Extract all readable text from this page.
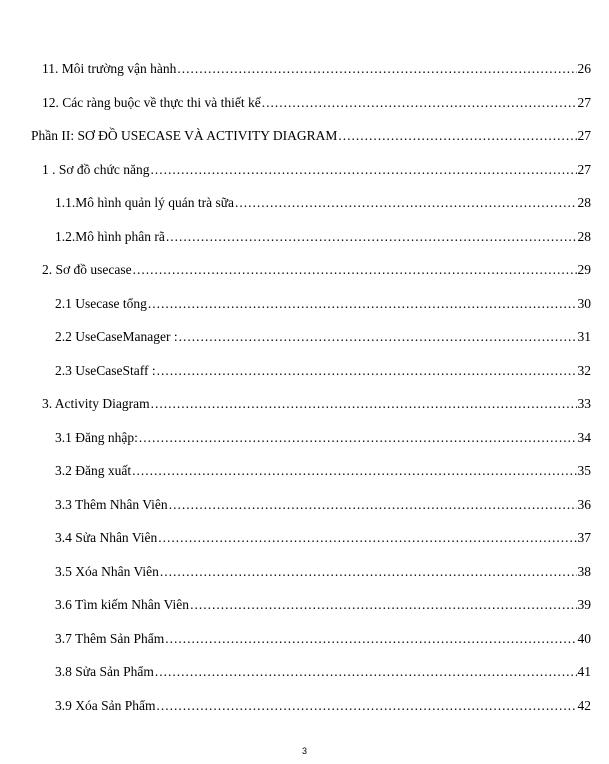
11. Môi trường vận hành .....	26
12. Các ràng buộc về thực thi và thiết kế .....	27
Phần II: SƠ ĐỒ USECASE VÀ ACTIVITY DIAGRAM .....	27
1 . Sơ đồ chức năng .....	27
1.1.Mô hình quản lý quán trà sữa .....	28
1.2.Mô hình phân rã .....	28
2. Sơ đồ usecase .....	29
2.1 Usecase tổng .....	30
2.2 UseCaseManager : .....	31
2.3 UseCaseStaff : .....	32
3. Activity Diagram .....	33
3.1 Đăng nhập: .....	34
3.2 Đăng xuất .....	35
3.3 Thêm Nhân Viên .....	36
3.4 Sửa Nhân Viên .....	37
3.5 Xóa Nhân Viên .....	38
3.6 Tìm kiếm Nhân Viên .....	39
3.7 Thêm Sản Phẩm .....	40
3.8 Sửa Sản Phẩm .....	41
3.9 Xóa Sản Phẩm .....	42
3
